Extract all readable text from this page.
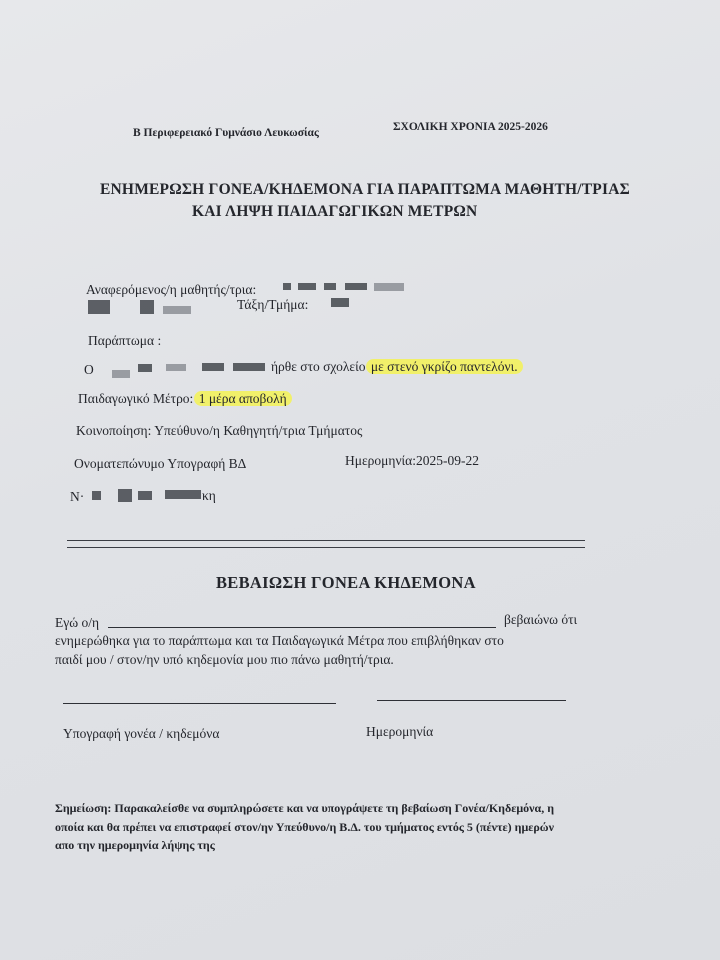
Β Περιφερειακό Γυμνάσιο Λευκωσίας	ΣΧΟΛΙΚΗ ΧΡΟΝΙΑ 2025-2026
ΕΝΗΜΕΡΩΣΗ ΓΟΝΕΑ/ΚΗΔΕΜΟΝΑ ΓΙΑ ΠΑΡΑΠΤΩΜΑ ΜΑΘΗΤΗ/ΤΡΙΑΣ
ΚΑΙ ΛΗΨΗ ΠΑΙΔΑΓΩΓΙΚΩΝ ΜΕΤΡΩΝ
Αναφερόμενος/η μαθητής/τρια:
Τάξη/Τμήμα:
Παράπτωμα :
Ο	ήρθε στο σχολείο με στενό γκρίζο παντελόνι.
Παιδαγωγικό Μέτρο: 1 μέρα αποβολή
Κοινοποίηση: Υπεύθυνο/η Καθηγητή/τρια Τμήματος
Ονοματεπώνυμο Υπογραφή ΒΔ	Ημερομηνία:2025-09-22
Ν·	κη
ΒΕΒΑΙΩΣΗ ΓΟΝΕΑ ΚΗΔΕΜΟΝΑ
Εγώ ο/η	βεβαιώνω ότι
ενημερώθηκα για το παράπτωμα και τα Παιδαγωγικά Μέτρα που επιβλήθηκαν στο
παιδί μου / στον/ην υπό κηδεμονία μου πιο πάνω μαθητή/τρια.
Υπογραφή γονέα / κηδεμόνα	Ημερομηνία
Σημείωση: Παρακαλείσθε να συμπληρώσετε και να υπογράψετε τη βεβαίωση Γονέα/Κηδεμόνα, η
οποία και θα πρέπει να επιστραφεί στον/ην Υπεύθυνο/η Β.Δ. του τμήματος εντός 5 (πέντε) ημερών
απο την ημερομηνία λήψης της
